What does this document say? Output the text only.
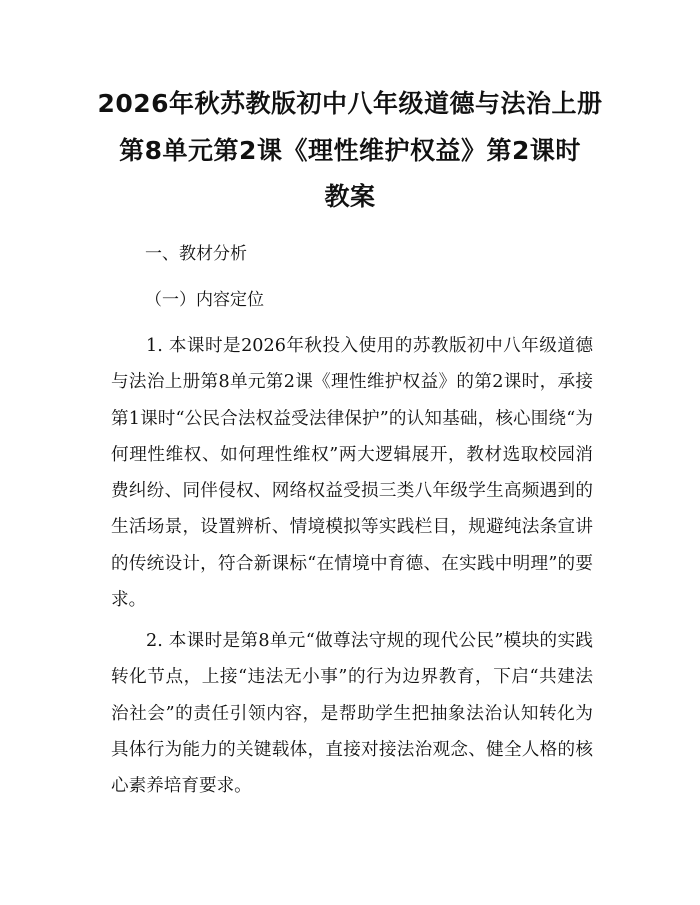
2026年秋苏教版初中八年级道德与法治上册
第8单元第2课《理性维护权益》第2课时
教案
一、教材分析
（一）内容定位

1. 本课时是2026年秋投入使用的苏教版初中八年级道德与法治上册第8单元第2课《理性维护权益》的第2课时，承接第1课时“公民合法权益受法律保护”的认知基础，核心围绕“为何理性维权、如何理性维权”两大逻辑展开，教材选取校园消费纠纷、同伴侵权、网络权益受损三类八年级学生高频遇到的生活场景，设置辨析、情境模拟等实践栏目，规避纯法条宣讲的传统设计，符合新课标“在情境中育德、在实践中明理”的要求。

2. 本课时是第8单元“做尊法守规的现代公民”模块的实践转化节点，上接“违法无小事”的行为边界教育，下启“共建法治社会”的责任引领内容，是帮助学生把抽象法治认知转化为具体行为能力的关键载体，直接对接法治观念、健全人格的核心素养培育要求。
